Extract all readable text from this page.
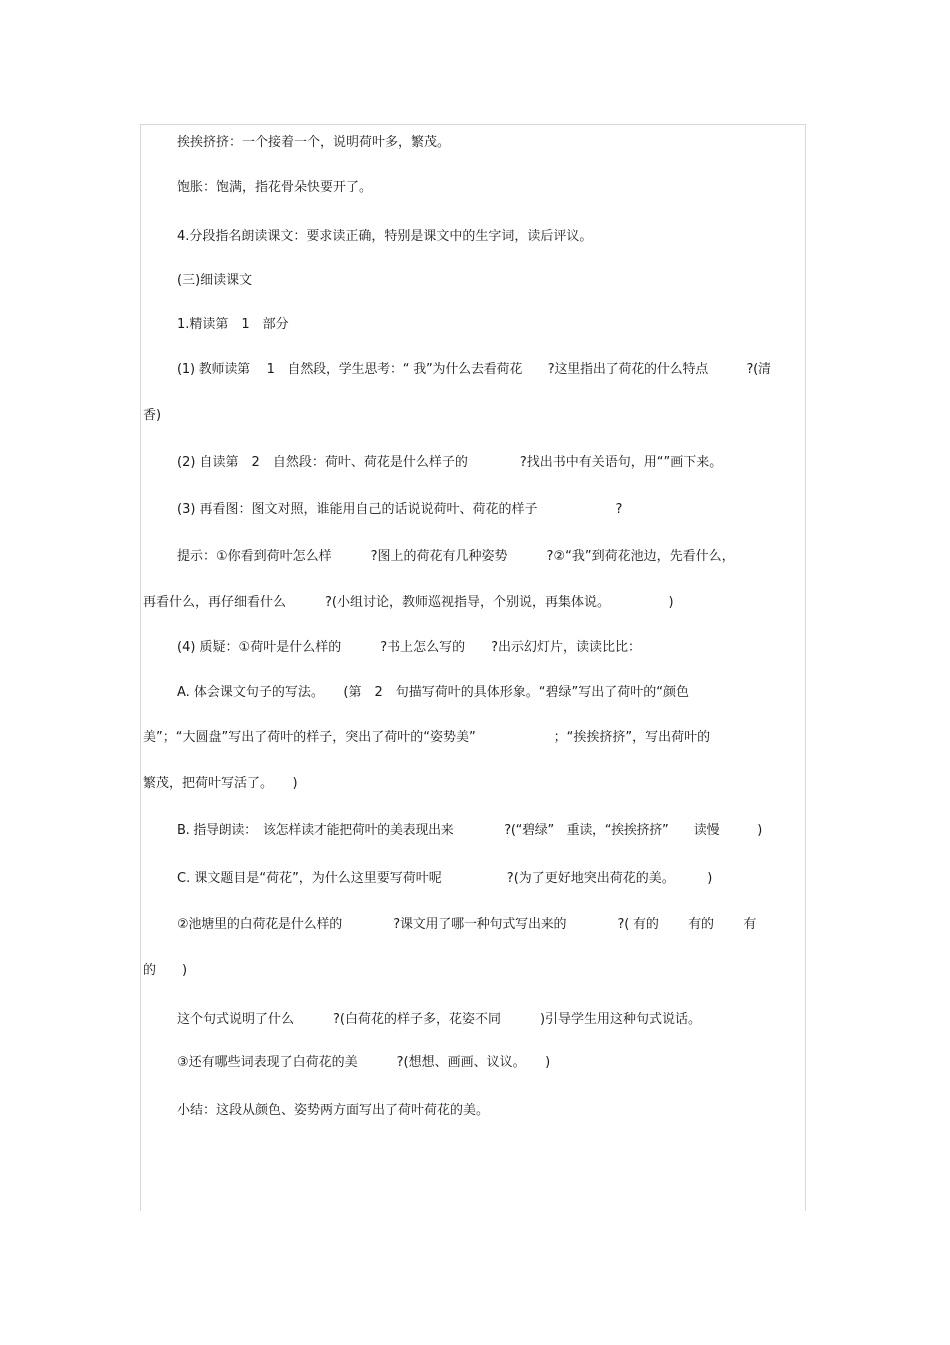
挨挨挤挤：一个接着一个，说明荷叶多，繁茂。
饱胀：饱满，指花骨朵快要开了。
4.分段指名朗读课文：要求读正确，特别是课文中的生字词，读后评议。
(三)细读课文
1.精读第　1　部分
(1) 教师读第　 1　自然段，学生思考：“ 我”为什么去看荷花　　?这里指出了荷花的什么特点　　　?(清
香)
(2) 自读第　2　自然段：荷叶、荷花是什么样子的　　　　?找出书中有关语句，用“”画下来。
(3) 再看图：图文对照，谁能用自己的话说说荷叶、荷花的样子　　　　　　?
提示：①你看到荷叶怎么样　　　?图上的荷花有几种姿势　　　?②“我”到荷花池边，先看什么，
再看什么，再仔细看什么　　　?(小组讨论，教师巡视指导，个别说，再集体说。　　　　　)
(4) 质疑：①荷叶是什么样的　　　?书上怎么写的　　?出示幻灯片，读读比比：
A. 体会课文句子的写法。　　(第　2　句描写荷叶的具体形象。“碧绿”写出了荷叶的“颜色
美”；“大圆盘”写出了荷叶的样子，突出了荷叶的“姿势美”　　　　　　；“挨挨挤挤”，写出荷叶的
繁茂，把荷叶写活了。　　)
B. 指导朗读：　该怎样读才能把荷叶的美表现出来　　　　?(“碧绿”　重读，“挨挨挤挤”　　读慢　　　)
C. 课文题目是“荷花”，为什么这里要写荷叶呢　　　　　?(为了更好地突出荷花的美。　　　)
②池塘里的白荷花是什么样的　　　　?课文用了哪一种句式写出来的　　　　?( 有的　　 有的　　 有
的　　)
这个句式说明了什么　　　?(白荷花的样子多，花姿不同　　　)引导学生用这种句式说话。
③还有哪些词表现了白荷花的美　　　?(想想、画画、议议。　　)
小结：这段从颜色、姿势两方面写出了荷叶荷花的美。
